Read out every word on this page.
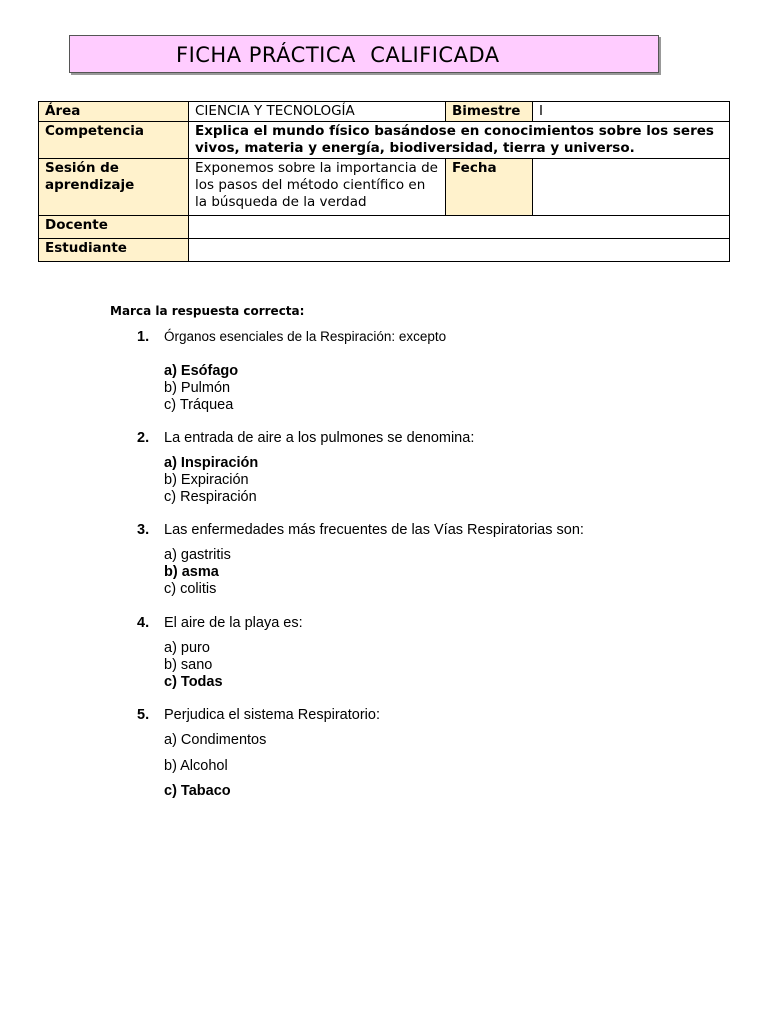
FICHA PRÁCTICA  CALIFICADA
Área	CIENCIA Y TECNOLOGÍA	Bimestre	I
Competencia	Explica el mundo físico basándose en conocimientos sobre los seres vivos, materia y energía, biodiversidad, tierra y universo.		
Sesión de aprendizaje	Exponemos sobre la importancia de los pasos del método científico en la búsqueda de la verdad	Fecha	
Docente			
Estudiante			
Marca la respuesta correcta:
1. Órganos esenciales de la Respiración: excepto
a) Esófago
b) Pulmón
c) Tráquea
2. La entrada de aire a los pulmones se denomina:
a) Inspiración
b) Expiración
c) Respiración
3. Las enfermedades más frecuentes de las Vías Respiratorias son:
a) gastritis
b) asma
c) colitis
4. El aire de la playa es:
a) puro
b) sano
c) Todas
5. Perjudica el sistema Respiratorio:
a) Condimentos
b) Alcohol
c) Tabaco
